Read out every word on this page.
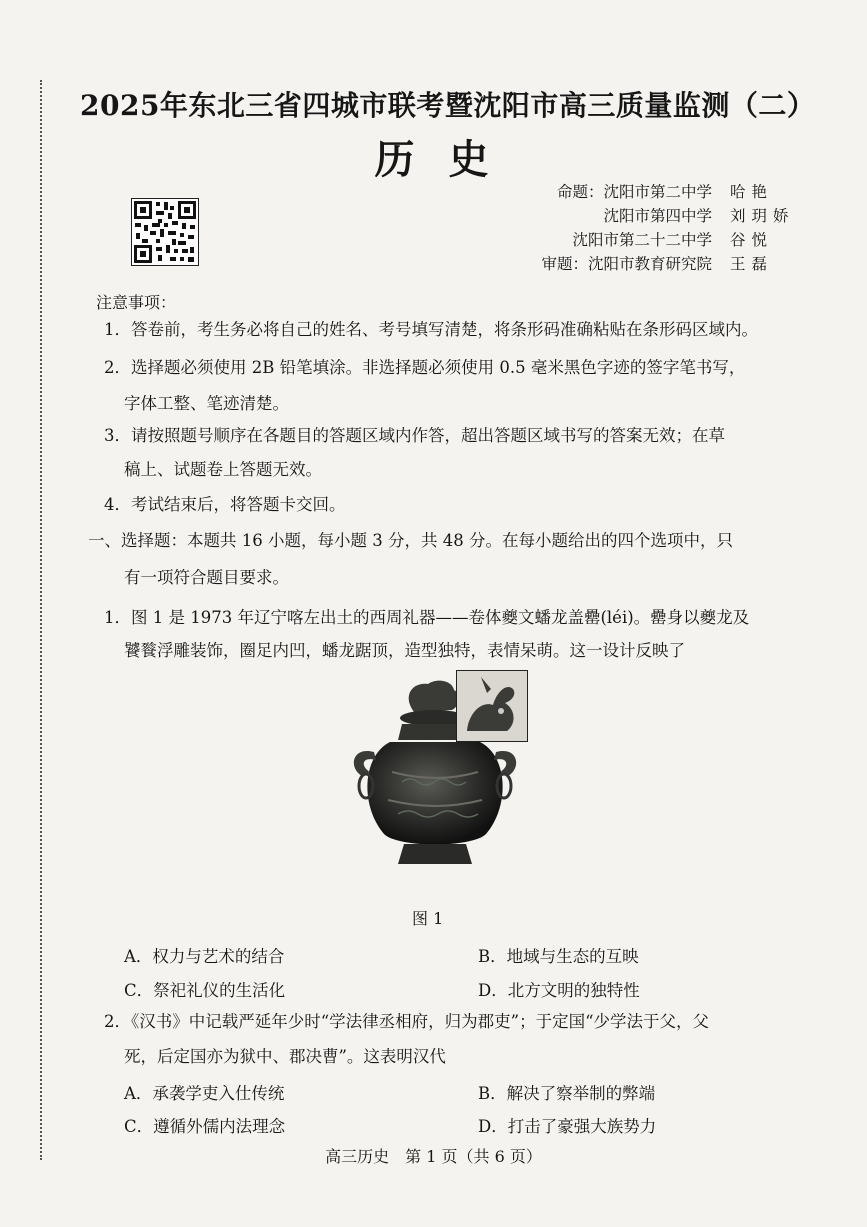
2025年东北三省四城市联考暨沈阳市高三质量监测（二）
历史
命题：沈阳市第二中学 哈艳
沈阳市第四中学 刘玥娇
沈阳市第二十二中学 谷悦
审题：沈阳市教育研究院 王磊
注意事项：
1．答卷前，考生务必将自己的姓名、考号填写清楚，将条形码准确粘贴在条形码区域内。
2．选择题必须使用 2B 铅笔填涂。非选择题必须使用 0.5 毫米黑色字迹的签字笔书写，
字体工整、笔迹清楚。
3．请按照题号顺序在各题目的答题区域内作答，超出答题区域书写的答案无效；在草
稿上、试题卷上答题无效。
4．考试结束后，将答题卡交回。
一、选择题：本题共 16 小题，每小题 3 分，共 48 分。在每小题给出的四个选项中，只
有一项符合题目要求。
1．图 1 是 1973 年辽宁喀左出土的西周礼器——卷体夔文蟠龙盖罍(léi)。罍身以夔龙及
饕餮浮雕装饰，圈足内凹，蟠龙踞顶，造型独特，表情呆萌。这一设计反映了
图 1
A．权力与艺术的结合	B．地域与生态的互映
C．祭祀礼仪的生活化	D．北方文明的独特性
2．《汉书》中记载严延年少时“学法律丞相府，归为郡吏”；于定国“少学法于父，父
死，后定国亦为狱中、郡决曹”。这表明汉代
A．承袭学吏入仕传统	B．解决了察举制的弊端
C．遵循外儒内法理念	D．打击了豪强大族势力
高三历史　第 1 页（共 6 页）
